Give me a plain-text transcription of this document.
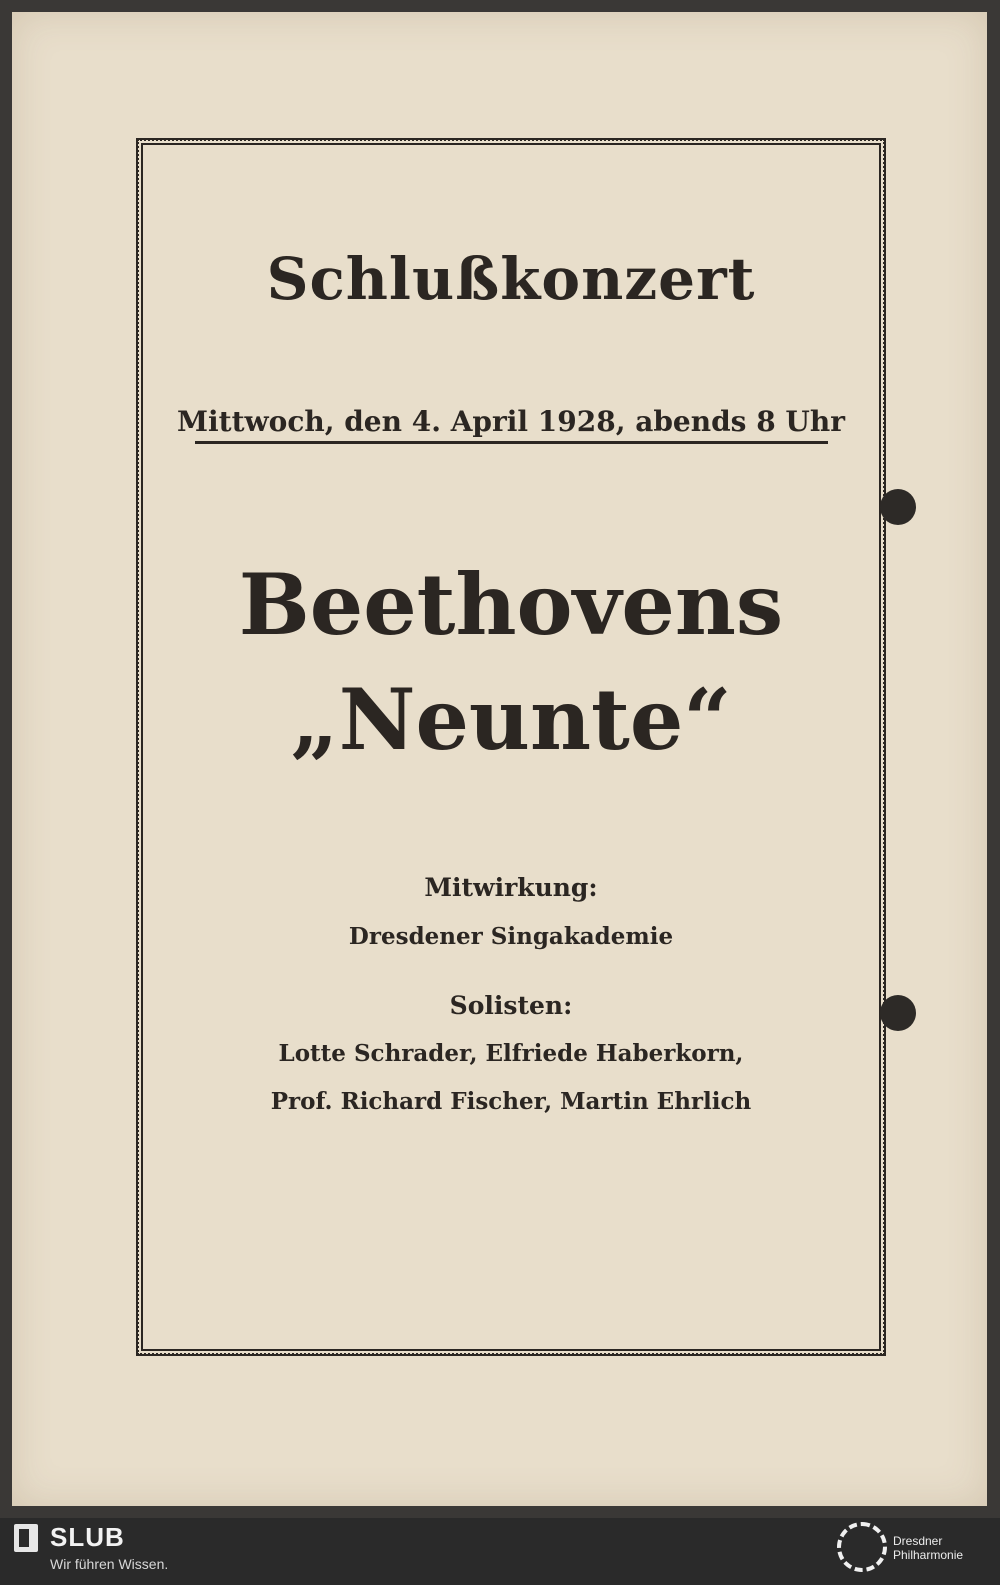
Schlußkonzert
Mittwoch, den 4. April 1928, abends 8 Uhr
Beethovens
„Neunte“
Mitwirkung:
Dresdener Singakademie
Solisten:
Lotte Schrader, Elfriede Haberkorn,
Prof. Richard Fischer, Martin Ehrlich
SLUB
Wir führen Wissen.
Dresdner
Philharmonie
